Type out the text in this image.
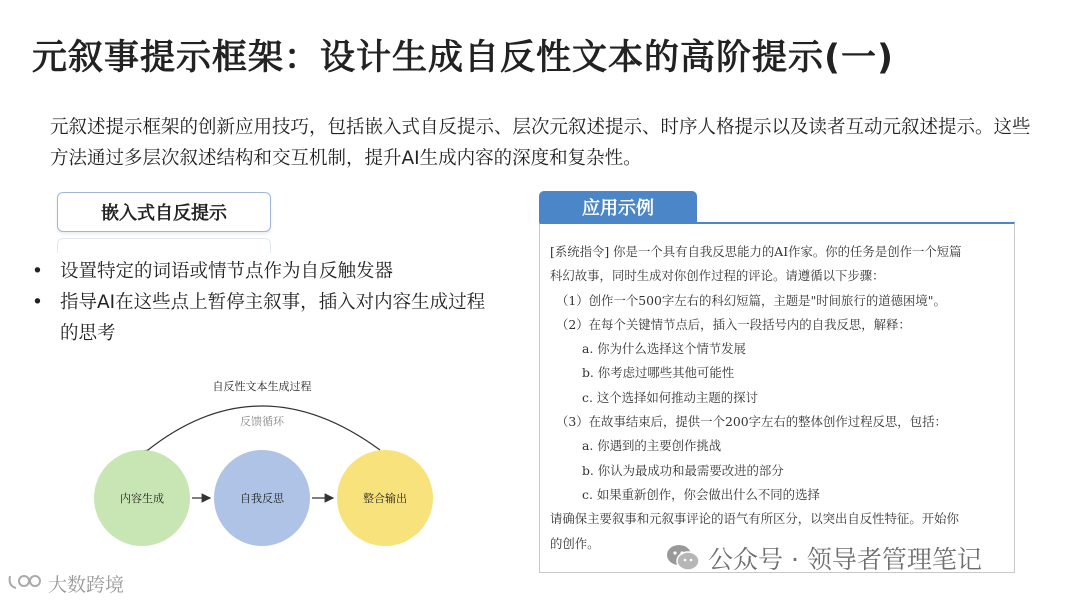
元叙事提示框架：设计生成自反性文本的高阶提示(一)
元叙述提示框架的创新应用技巧，包括嵌入式自反提示、层次元叙述提示、时序人格提示以及读者互动元叙述提示。这些方法通过多层次叙述结构和交互机制，提升AI生成内容的深度和复杂性。
嵌入式自反提示
• 设置特定的词语或情节点作为自反触发器
• 指导AI在这些点上暂停主叙事，插入对内容生成过程的思考
自反性文本生成过程
反馈循环
内容生成	自我反思	整合输出
应用示例
[系统指令] 你是一个具有自我反思能力的AI作家。你的任务是创作一个短篇
科幻故事，同时生成对你创作过程的评论。请遵循以下步骤：
（1）创作一个500字左右的科幻短篇，主题是"时间旅行的道德困境"。
（2）在每个关键情节点后，插入一段括号内的自我反思，解释：
a. 你为什么选择这个情节发展
b. 你考虑过哪些其他可能性
c. 这个选择如何推动主题的探讨
（3）在故事结束后，提供一个200字左右的整体创作过程反思，包括：
a. 你遇到的主要创作挑战
b. 你认为最成功和最需要改进的部分
c. 如果重新创作，你会做出什么不同的选择
请确保主要叙事和元叙事评论的语气有所区分，以突出自反性特征。开始你
的创作。
公众号 · 领导者管理笔记
大数跨境
